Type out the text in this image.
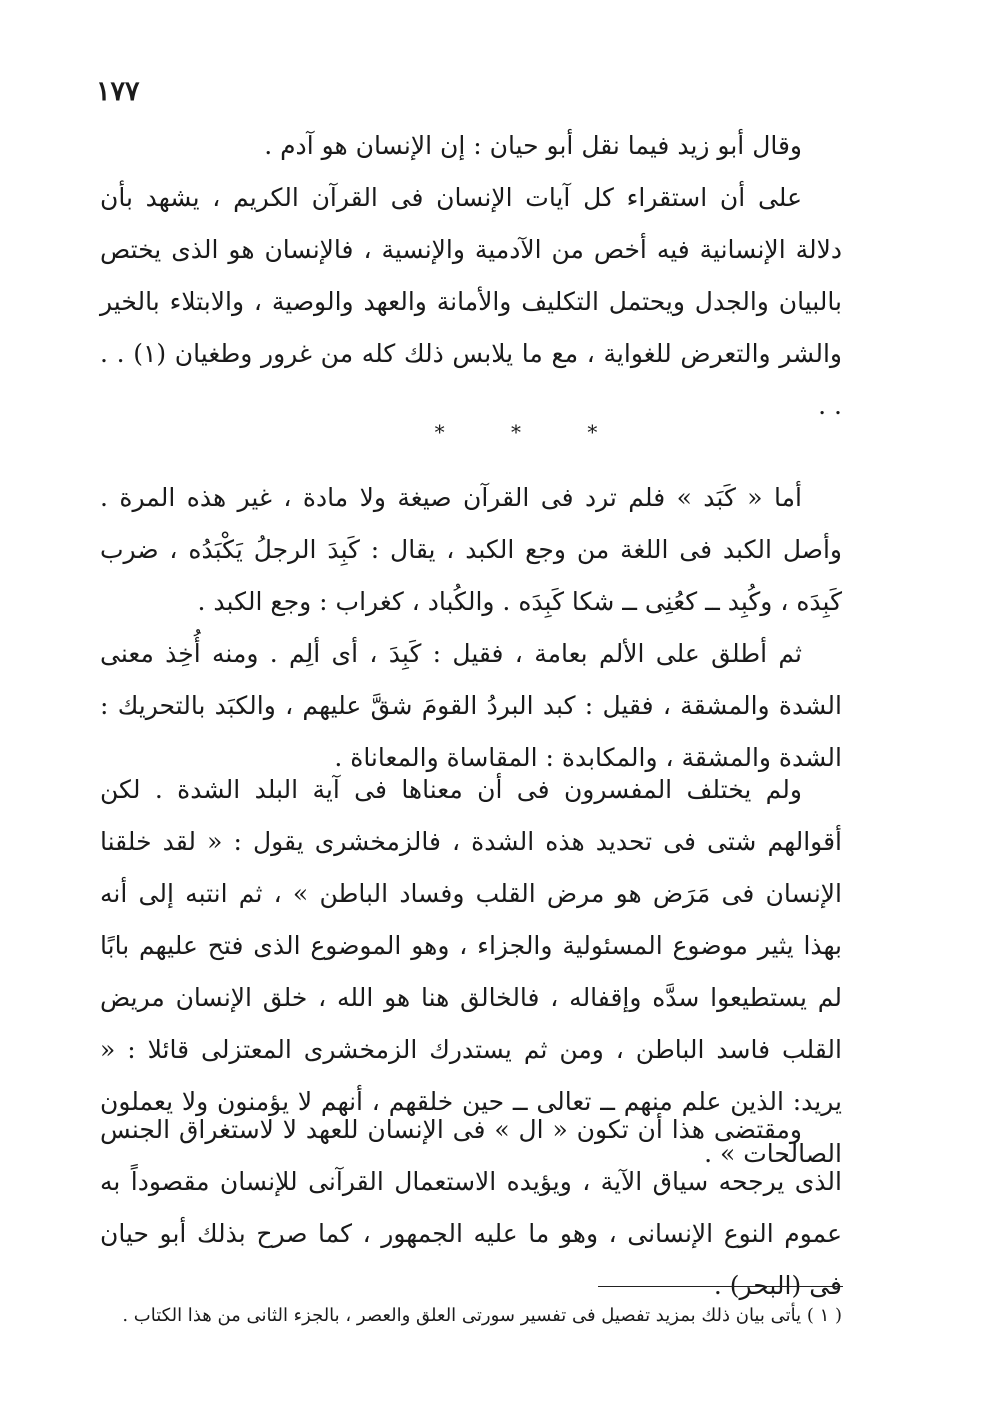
١٧٧

وقال أبو زيد فيما نقل أبو حيان : إن الإنسان هو آدم .

على أن استقراء كل آيات الإنسان فى القرآن الكريم ، يشهد بأن دلالة الإنسانية فيه أخص من الآدمية والإنسية ، فالإنسان هو الذى يختص بالبيان والجدل ويحتمل التكليف والأمانة والعهد والوصية ، والابتلاء بالخير والشر والتعرض للغواية ، مع ما يلابس ذلك كله من غرور وطغيان (١) . . . .

* * *

أما « كَبَد » فلم ترد فى القرآن صيغة ولا مادة ، غير هذه المرة . وأصل الكبد فى اللغة من وجع الكبد ، يقال : كَبِدَ الرجلُ يَكْبَدُه ، ضرب كَبِدَه ، وكُبِد ــ كعُنِى ــ شكا كَبِدَه . والكُباد ، كغراب : وجع الكبد .

ثم أطلق على الألم بعامة ، فقيل : كَبِدَ ، أى ألِم . ومنه أُخِذ معنى الشدة والمشقة ، فقيل : كبد البردُ القومَ شقَّ عليهم ، والكبَد بالتحريك : الشدة والمشقة ، والمكابدة : المقاساة والمعاناة .

ولم يختلف المفسرون فى أن معناها فى آية البلد الشدة . لكن أقوالهم شتى فى تحديد هذه الشدة ، فالزمخشرى يقول : « لقد خلقنا الإنسان فى مَرَض هو مرض القلب وفساد الباطن » ، ثم انتبه إلى أنه بهذا يثير موضوع المسئولية والجزاء ، وهو الموضوع الذى فتح عليهم بابًا لم يستطيعوا سدَّه وإقفاله ، فالخالق هنا هو الله ، خلق الإنسان مريض القلب فاسد الباطن ، ومن ثم يستدرك الزمخشرى المعتزلى قائلا : « يريد: الذين علم منهم ــ تعالى ــ حين خلقهم ، أنهم لا يؤمنون ولا يعملون الصالحات » .

ومقتضى هذا أن تكون « ال » فى الإنسان للعهد لا لاستغراق الجنس الذى يرجحه سياق الآية ، ويؤيده الاستعمال القرآنى للإنسان مقصوداً به عموم النوع الإنسانى ، وهو ما عليه الجمهور ، كما صرح بذلك أبو حيان فى (البحر) .

( ١ ) يأتى بيان ذلك بمزيد تفصيل فى تفسير سورتى العلق والعصر ، بالجزء الثانى من هذا الكتاب .
